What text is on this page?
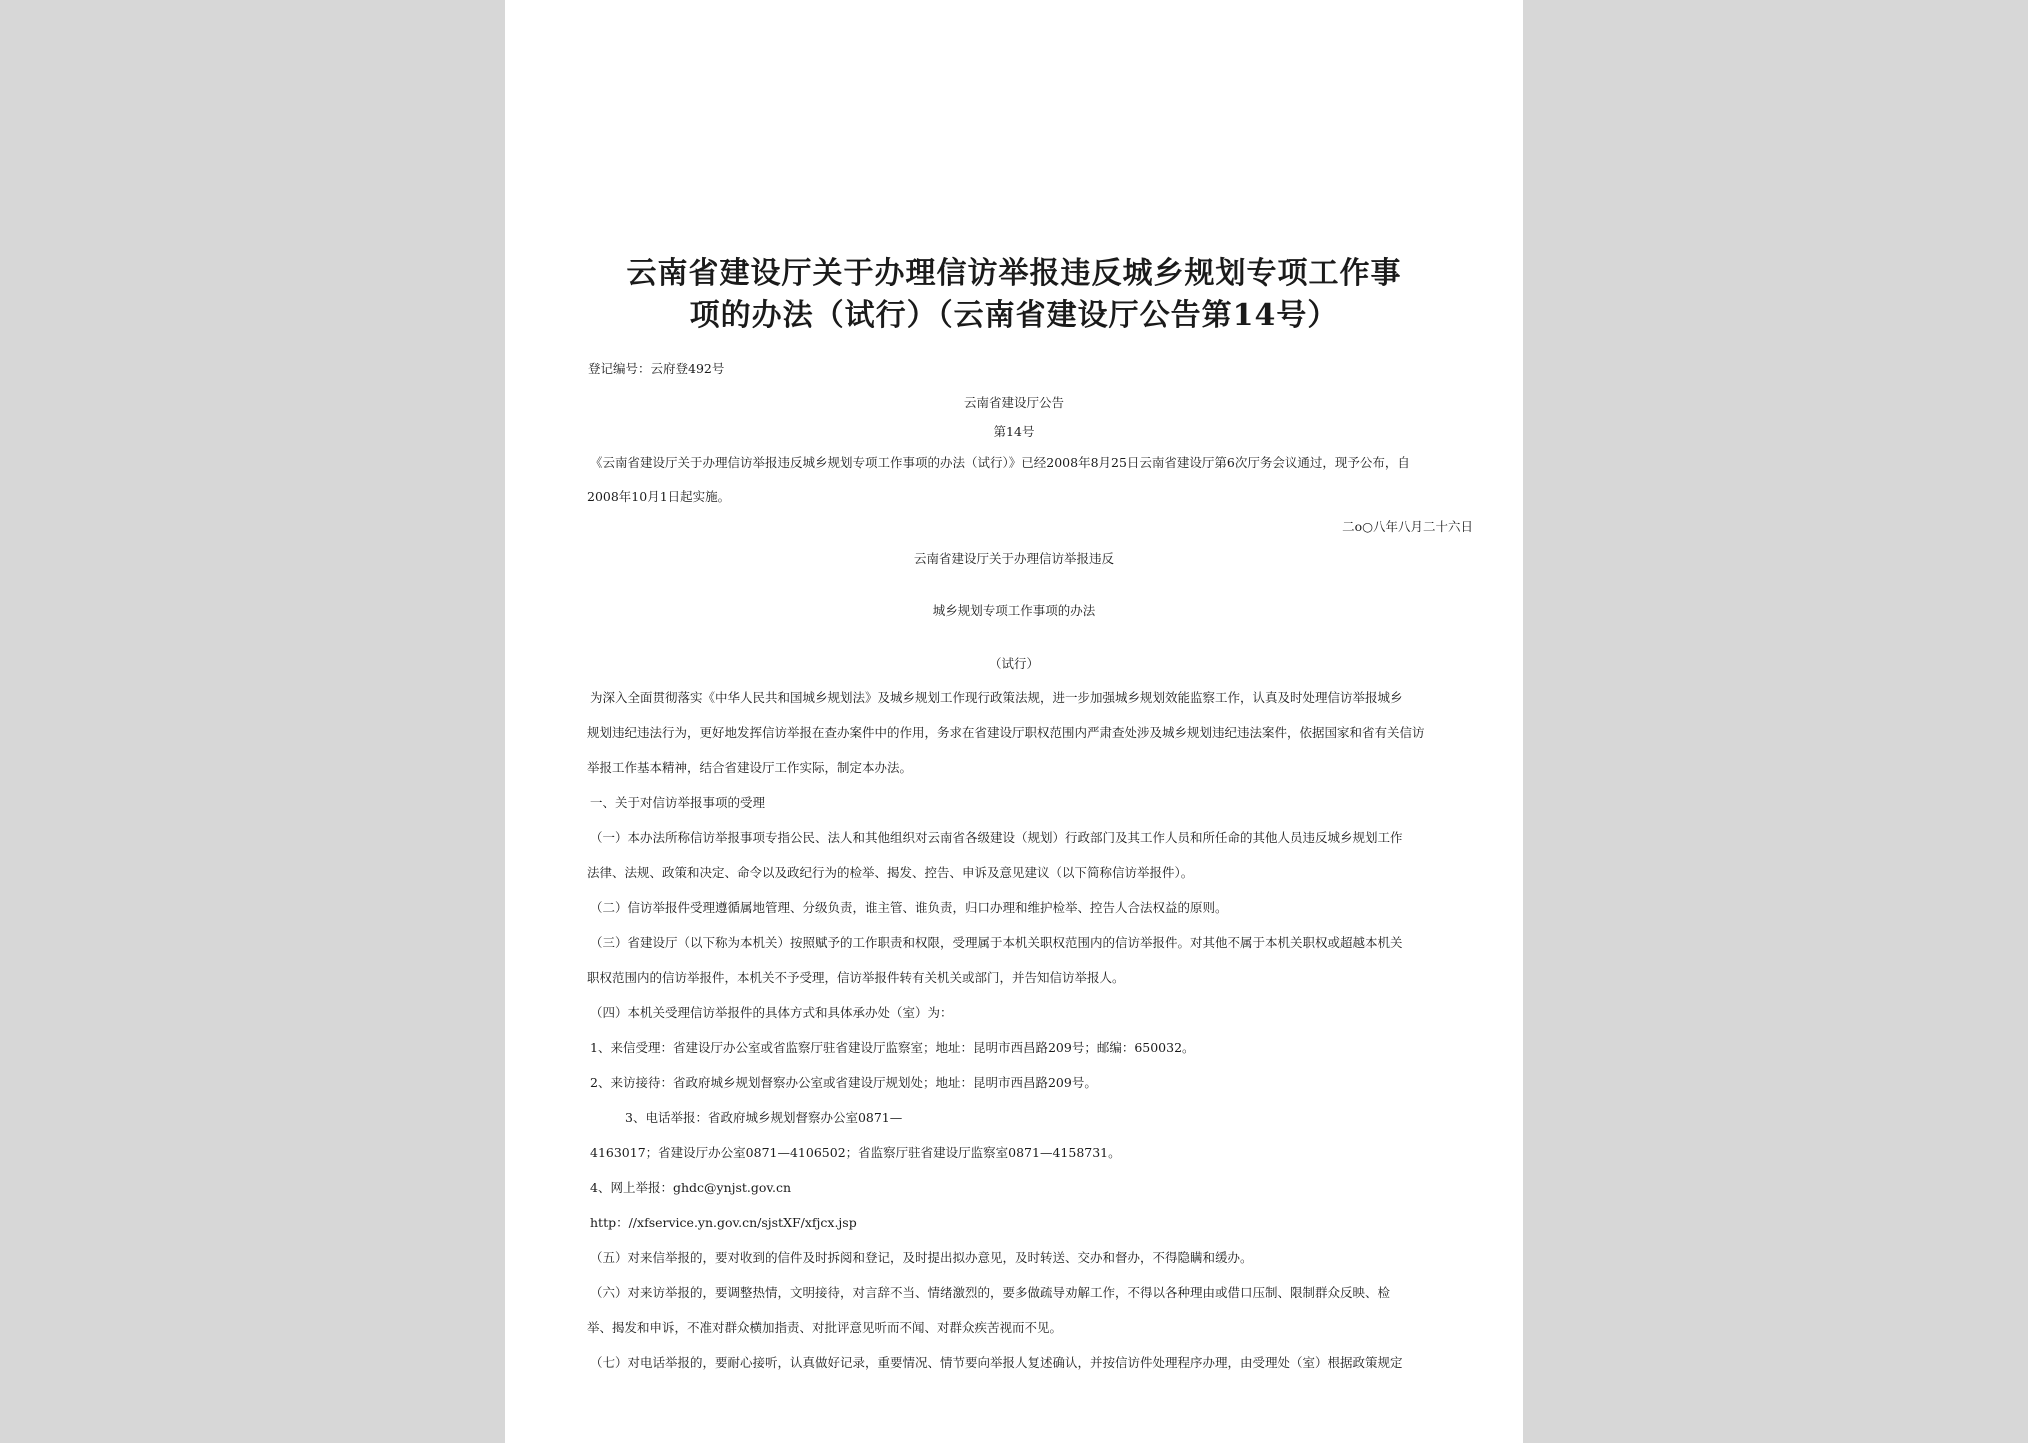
云南省建设厅关于办理信访举报违反城乡规划专项工作事
项的办法（试行）（云南省建设厅公告第14号）
登记编号：云府登492号
云南省建设厅公告
第14号
《云南省建设厅关于办理信访举报违反城乡规划专项工作事项的办法（试行）》已经2008年8月25日云南省建设厅第6次厅务会议通过，现予公布，自
2008年10月1日起实施。
二o○八年八月二十六日
云南省建设厅关于办理信访举报违反
城乡规划专项工作事项的办法
（试行）
为深入全面贯彻落实《中华人民共和国城乡规划法》及城乡规划工作现行政策法规，进一步加强城乡规划效能监察工作，认真及时处理信访举报城乡
规划违纪违法行为，更好地发挥信访举报在查办案件中的作用，务求在省建设厅职权范围内严肃查处涉及城乡规划违纪违法案件，依据国家和省有关信访
举报工作基本精神，结合省建设厅工作实际，制定本办法。
一、关于对信访举报事项的受理
（一）本办法所称信访举报事项专指公民、法人和其他组织对云南省各级建设（规划）行政部门及其工作人员和所任命的其他人员违反城乡规划工作
法律、法规、政策和决定、命令以及政纪行为的检举、揭发、控告、申诉及意见建议（以下简称信访举报件）。
（二）信访举报件受理遵循属地管理、分级负责，谁主管、谁负责，归口办理和维护检举、控告人合法权益的原则。
（三）省建设厅（以下称为本机关）按照赋予的工作职责和权限，受理属于本机关职权范围内的信访举报件。对其他不属于本机关职权或超越本机关
职权范围内的信访举报件，本机关不予受理，信访举报件转有关机关或部门，并告知信访举报人。
（四）本机关受理信访举报件的具体方式和具体承办处（室）为：
1、来信受理：省建设厅办公室或省监察厅驻省建设厅监察室；地址：昆明市西昌路209号；邮编：650032。
2、来访接待：省政府城乡规划督察办公室或省建设厅规划处；地址：昆明市西昌路209号。
3、电话举报：省政府城乡规划督察办公室0871—
4163017；省建设厅办公室0871—4106502；省监察厅驻省建设厅监察室0871—4158731。
4、网上举报：ghdc@ynjst.gov.cn
http：//xfservice.yn.gov.cn/sjstXF/xfjcx.jsp
（五）对来信举报的，要对收到的信件及时拆阅和登记，及时提出拟办意见，及时转送、交办和督办，不得隐瞒和缓办。
（六）对来访举报的，要调整热情，文明接待，对言辞不当、情绪激烈的，要多做疏导劝解工作，不得以各种理由或借口压制、限制群众反映、检
举、揭发和申诉，不准对群众横加指责、对批评意见听而不闻、对群众疾苦视而不见。
（七）对电话举报的，要耐心接听，认真做好记录，重要情况、情节要向举报人复述确认，并按信访件处理程序办理，由受理处（室）根据政策规定
